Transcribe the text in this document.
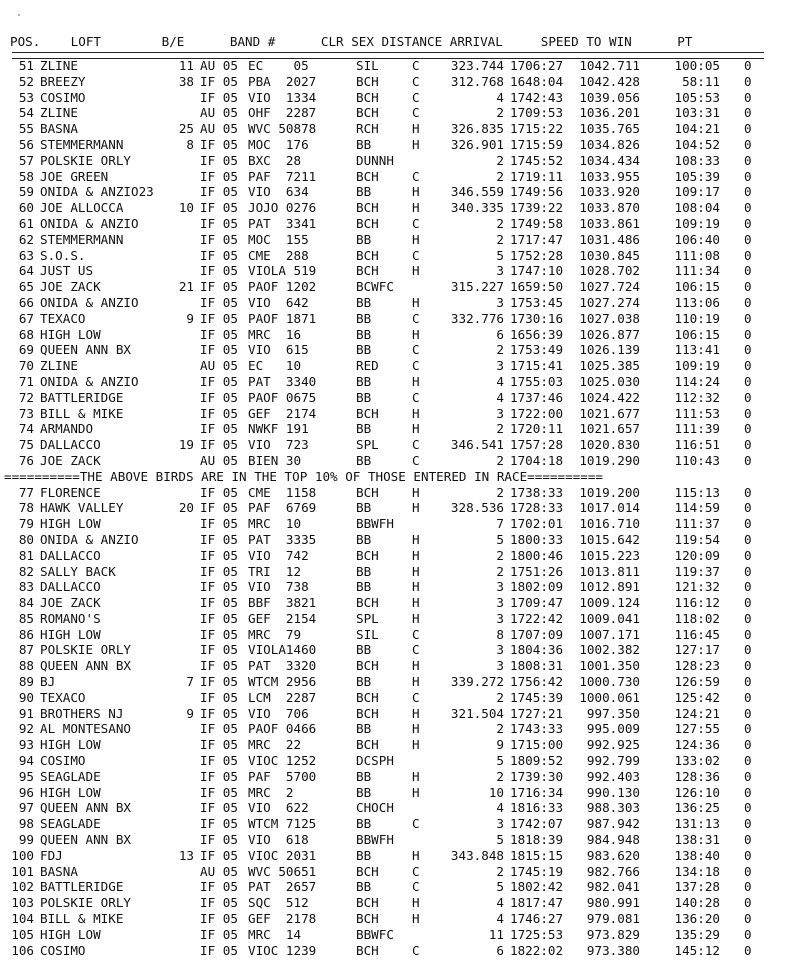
POS.    LOFT        B/E      BAND #      CLR SEX DISTANCE ARRIVAL     SPEED TO WIN      PT
51 ZLINE	11 AU 05 EC    05	SIL	C	323.744 1706:27	1042.711	100:05 0
52 BREEZY	38 IF 05 PBA  2027	BCH	C	312.768 1648:04	1042.428	58:11 0
53 COSIMO	IF 05 VIO  1334	BCH	C	4 1742:43	1039.056	105:53 0
54 ZLINE	AU 05 OHF  2287	BCH	C	2 1709:53	1036.201	103:31 0
55 BASNA	25 AU 05 WVC 50878	RCH	H	326.835 1715:22	1035.765	104:21 0
56 STEMMERMANN	8 IF 05 MOC  176	BB	H	326.901 1715:59	1034.826	104:52 0
57 POLSKIE ORLY	IF 05 BXC  28	DUNNH	2 1745:52	1034.434	108:33 0
58 JOE GREEN	IF 05 PAF  7211	BCH	C	2 1719:11	1033.955	105:39 0
59 ONIDA & ANZIO23	IF 05 VIO  634	BB	H	346.559 1749:56	1033.920	109:17 0
60 JOE ALLOCCA	10 IF 05 JOJO 0276	BCH	H	340.335 1739:22	1033.870	108:04 0
61 ONIDA & ANZIO	IF 05 PAT  3341	BCH	C	2 1749:58	1033.861	109:19 0
62 STEMMERMANN	IF 05 MOC  155	BB	H	2 1717:47	1031.486	106:40 0
63 S.O.S.	IF 05 CME  288	BCH	C	5 1752:28	1030.845	111:08 0
64 JUST US	IF 05 VIOLA 519	BCH	H	3 1747:10	1028.702	111:34 0
65 JOE ZACK	21 IF 05 PAOF 1202	BCWFC	315.227 1659:50	1027.724	106:15 0
66 ONIDA & ANZIO	IF 05 VIO  642	BB	H	3 1753:45	1027.274	113:06 0
67 TEXACO	9 IF 05 PAOF 1871	BB	C	332.776 1730:16	1027.038	110:19 0
68 HIGH LOW	IF 05 MRC  16	BB	H	6 1656:39	1026.877	106:15 0
69 QUEEN ANN BX	IF 05 VIO  615	BB	C	2 1753:49	1026.139	113:41 0
70 ZLINE	AU 05 EC   10	RED	C	3 1715:41	1025.385	109:19 0
71 ONIDA & ANZIO	IF 05 PAT  3340	BB	H	4 1755:03	1025.030	114:24 0
72 BATTLERIDGE	IF 05 PAOF 0675	BB	C	4 1737:46	1024.422	112:32 0
73 BILL & MIKE	IF 05 GEF  2174	BCH	H	3 1722:00	1021.677	111:53 0
74 ARMANDO	IF 05 NWKF 191	BB	H	2 1720:11	1021.657	111:39 0
75 DALLACCO	19 IF 05 VIO  723	SPL	C	346.541 1757:28	1020.830	116:51 0
76 JOE ZACK	AU 05 BIEN 30	BB	C	2 1704:18	1019.290	110:43 0
==========THE ABOVE BIRDS ARE IN THE TOP 10% OF THOSE ENTERED IN RACE==========
77 FLORENCE	IF 05 CME  1158	BCH	H	2 1738:33	1019.200	115:13 0
78 HAWK VALLEY	20 IF 05 PAF  6769	BB	H	328.536 1728:33	1017.014	114:59 0
79 HIGH LOW	IF 05 MRC  10	BBWFH	7 1702:01	1016.710	111:37 0
80 ONIDA & ANZIO	IF 05 PAT  3335	BB	H	5 1800:33	1015.642	119:54 0
81 DALLACCO	IF 05 VIO  742	BCH	H	2 1800:46	1015.223	120:09 0
82 SALLY BACK	IF 05 TRI  12	BB	H	2 1751:26	1013.811	119:37 0
83 DALLACCO	IF 05 VIO  738	BB	H	3 1802:09	1012.891	121:32 0
84 JOE ZACK	IF 05 BBF  3821	BCH	H	3 1709:47	1009.124	116:12 0
85 ROMANO'S	IF 05 GEF  2154	SPL	H	3 1722:42	1009.041	118:02 0
86 HIGH LOW	IF 05 MRC  79	SIL	C	8 1707:09	1007.171	116:45 0
87 POLSKIE ORLY	IF 05 VIOLA1460	BB	C	3 1804:36	1002.382	127:17 0
88 QUEEN ANN BX	IF 05 PAT  3320	BCH	H	3 1808:31	1001.350	128:23 0
89 BJ	7 IF 05 WTCM 2956	BB	H	339.272 1756:42	1000.730	126:59 0
90 TEXACO	IF 05 LCM  2287	BCH	C	2 1745:39	1000.061	125:42 0
91 BROTHERS NJ	9 IF 05 VIO  706	BCH	H	321.504 1727:21	997.350	124:21 0
92 AL MONTESANO	IF 05 PAOF 0466	BB	H	2 1743:33	995.009	127:55 0
93 HIGH LOW	IF 05 MRC  22	BCH	H	9 1715:00	992.925	124:36 0
94 COSIMO	IF 05 VIOC 1252	DCSPH	5 1809:52	992.799	133:02 0
95 SEAGLADE	IF 05 PAF  5700	BB	H	2 1739:30	992.403	128:36 0
96 HIGH LOW	IF 05 MRC  2	BB	H	10 1716:34	990.130	126:10 0
97 QUEEN ANN BX	IF 05 VIO  622	CHOCH	4 1816:33	988.303	136:25 0
98 SEAGLADE	IF 05 WTCM 7125	BB	C	3 1742:07	987.942	131:13 0
99 QUEEN ANN BX	IF 05 VIO  618	BBWFH	5 1818:39	984.948	138:31 0
100 FDJ	13 IF 05 VIOC 2031	BB	H	343.848 1815:15	983.620	138:40 0
101 BASNA	AU 05 WVC 50651	BCH	C	2 1745:19	982.766	134:18 0
102 BATTLERIDGE	IF 05 PAT  2657	BB	C	5 1802:42	982.041	137:28 0
103 POLSKIE ORLY	IF 05 SQC  512	BCH	H	4 1817:47	980.991	140:28 0
104 BILL & MIKE	IF 05 GEF  2178	BCH	H	4 1746:27	979.081	136:20 0
105 HIGH LOW	IF 05 MRC  14	BBWFC	11 1725:53	973.829	135:29 0
106 COSIMO	IF 05 VIOC 1239	BCH	C	6 1822:02	973.380	145:12 0
